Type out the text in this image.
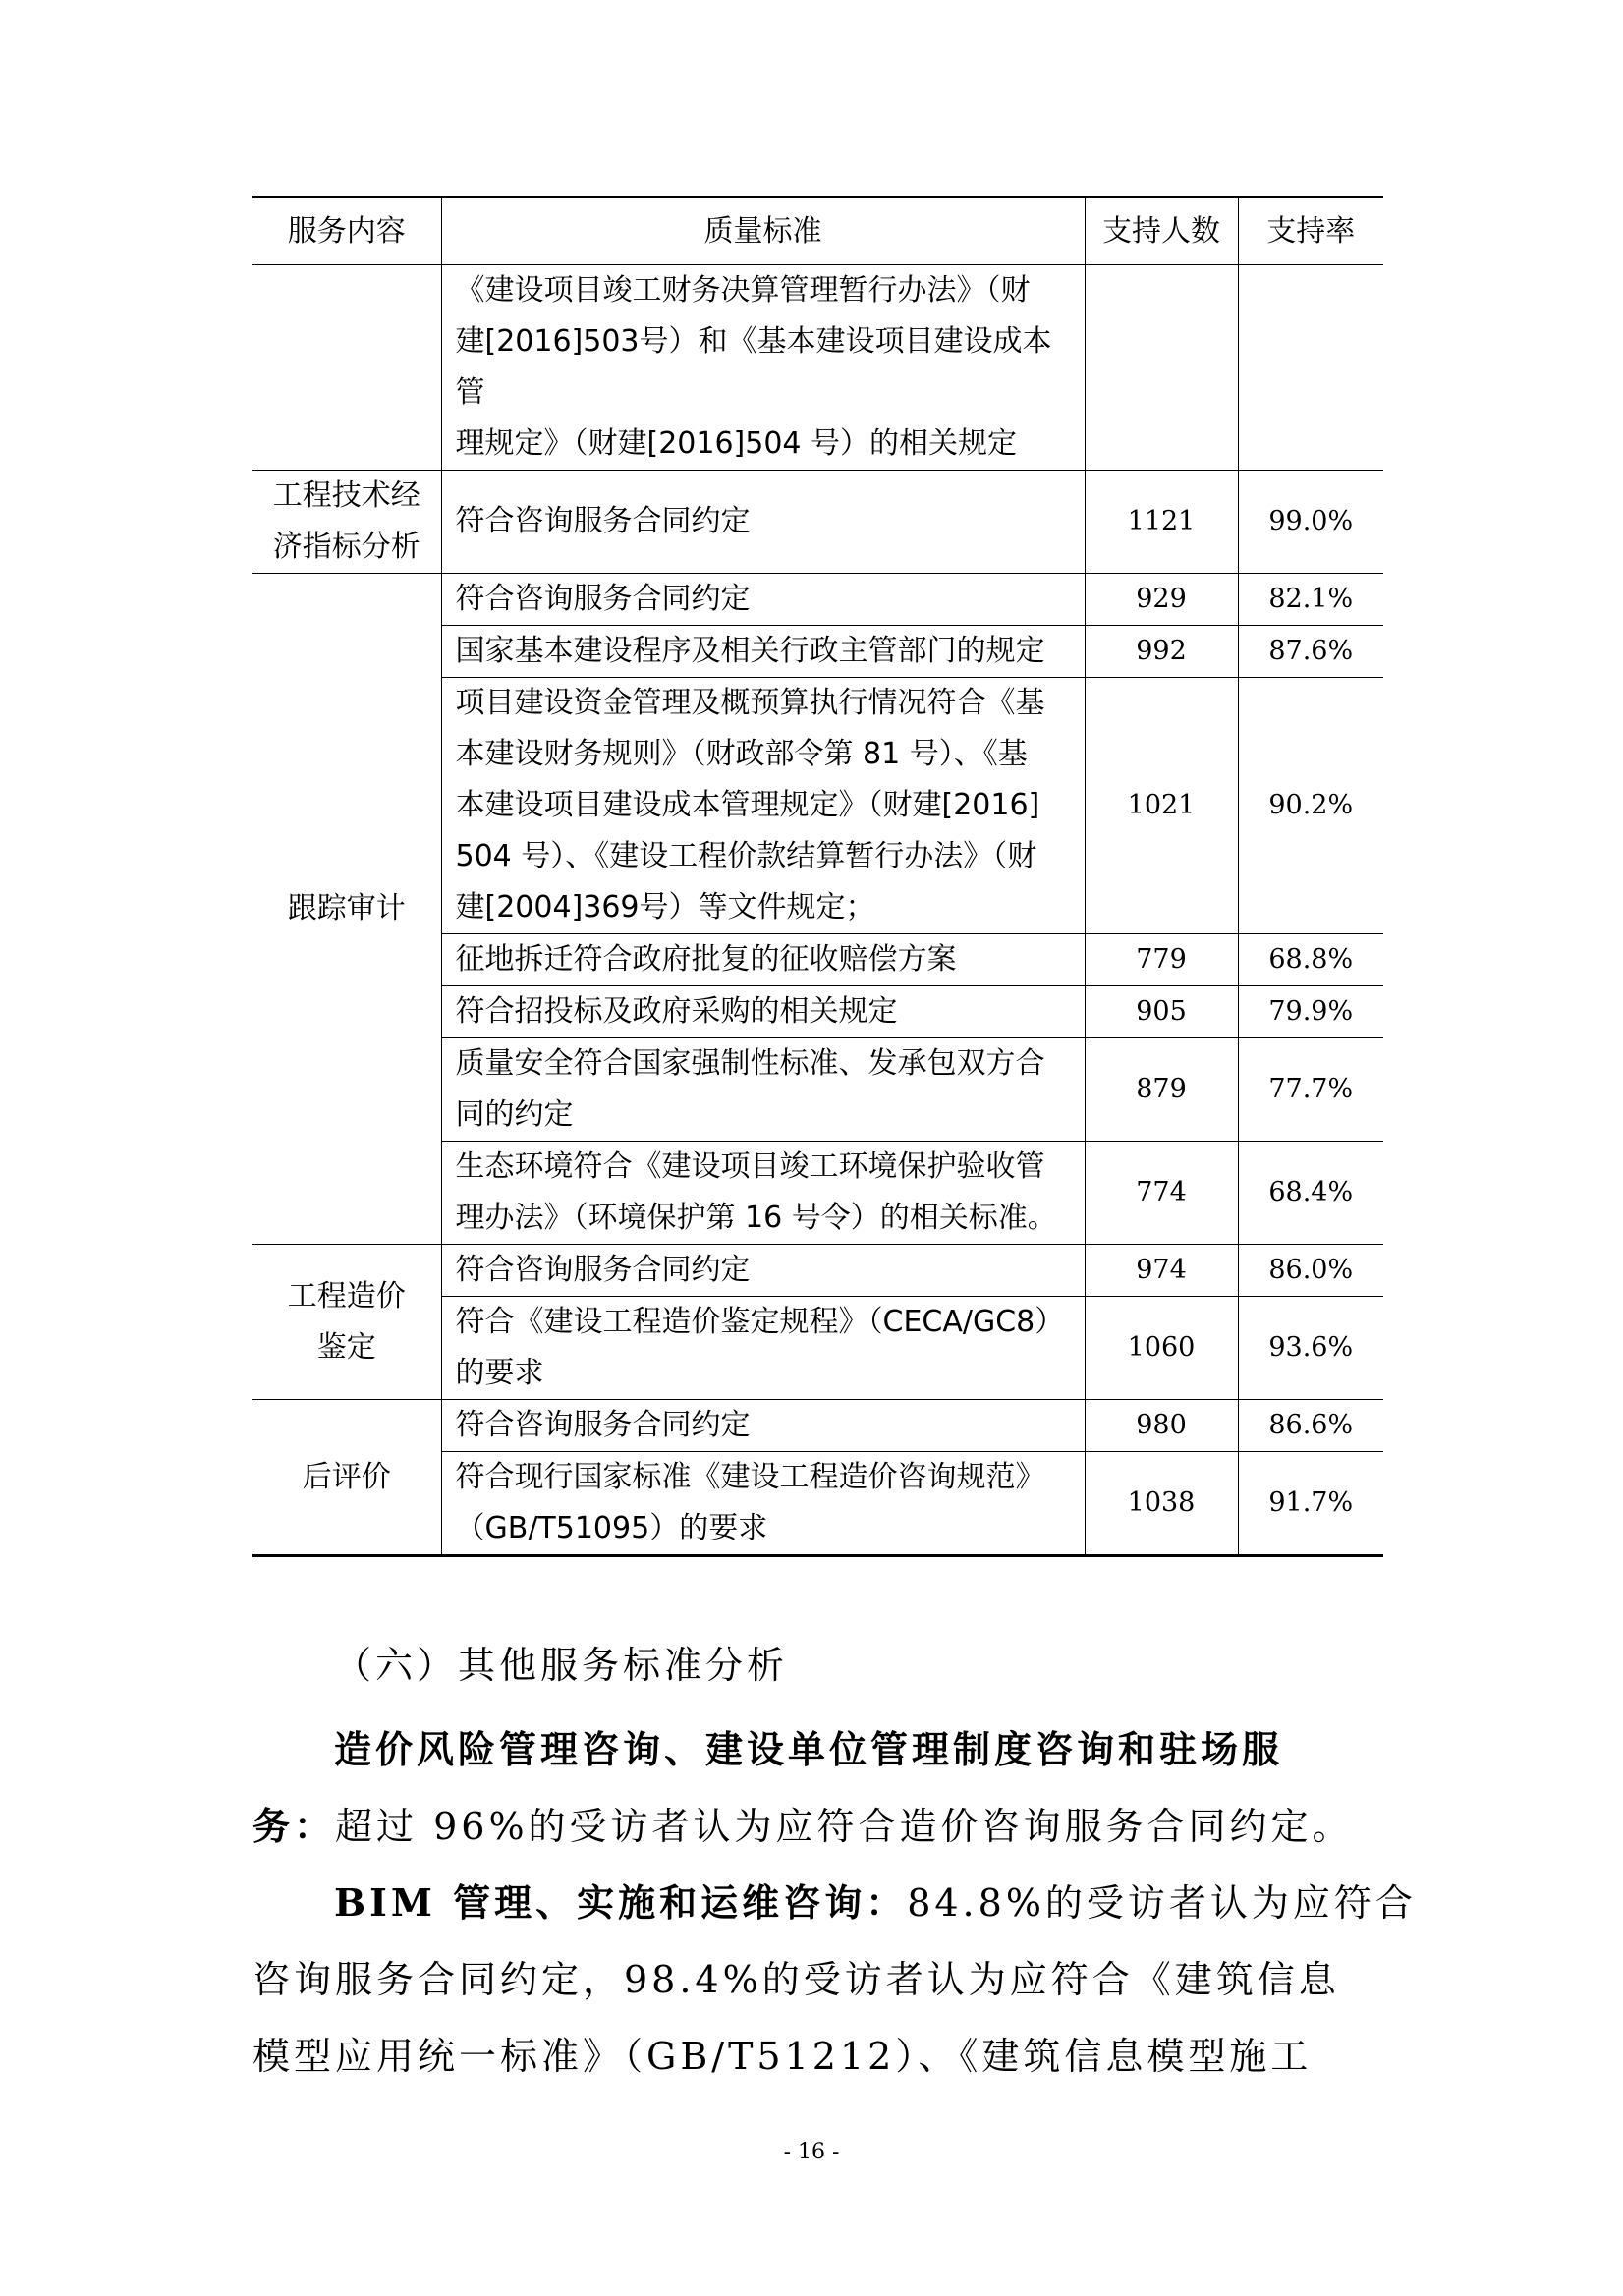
服务内容	质量标准	支持人数	支持率

	《建设项目竣工财务决算管理暂行办法》（财
建[2016]503号）和《基本建设项目建设成本管
理规定》（财建[2016]504 号）的相关规定		

工程技术经
济指标分析	符合咨询服务合同约定	1121	99.0%

跟踪审计	符合咨询服务合同约定	929	82.1%

	国家基本建设程序及相关行政主管部门的规定	992	87.6%

	项目建设资金管理及概预算执行情况符合《基
本建设财务规则》（财政部令第 81 号）、《基
本建设项目建设成本管理规定》（财建[2016]
504 号）、《建设工程价款结算暂行办法》（财
建[2004]369号）等文件规定；	1021	90.2%

	征地拆迁符合政府批复的征收赔偿方案	779	68.8%

	符合招投标及政府采购的相关规定	905	79.9%

	质量安全符合国家强制性标准、发承包双方合
同的约定	879	77.7%

	生态环境符合《建设项目竣工环境保护验收管
理办法》（环境保护第 16 号令）的相关标准。	774	68.4%

工程造价
鉴定	符合咨询服务合同约定	974	86.0%

	符合《建设工程造价鉴定规程》（CECA/GC8）
的要求	1060	93.6%

后评价	符合咨询服务合同约定	980	86.6%

	符合现行国家标准《建设工程造价咨询规范》
（GB/T51095）的要求	1038	91.7%
（六）其他服务标准分析
造价风险管理咨询、建设单位管理制度咨询和驻场服
务：超过 96%的受访者认为应符合造价咨询服务合同约定。
BIM 管理、实施和运维咨询：84.8%的受访者认为应符合
咨询服务合同约定，98.4%的受访者认为应符合《建筑信息
模型应用统一标准》（GB/T51212）、《建筑信息模型施工
- 16 -
